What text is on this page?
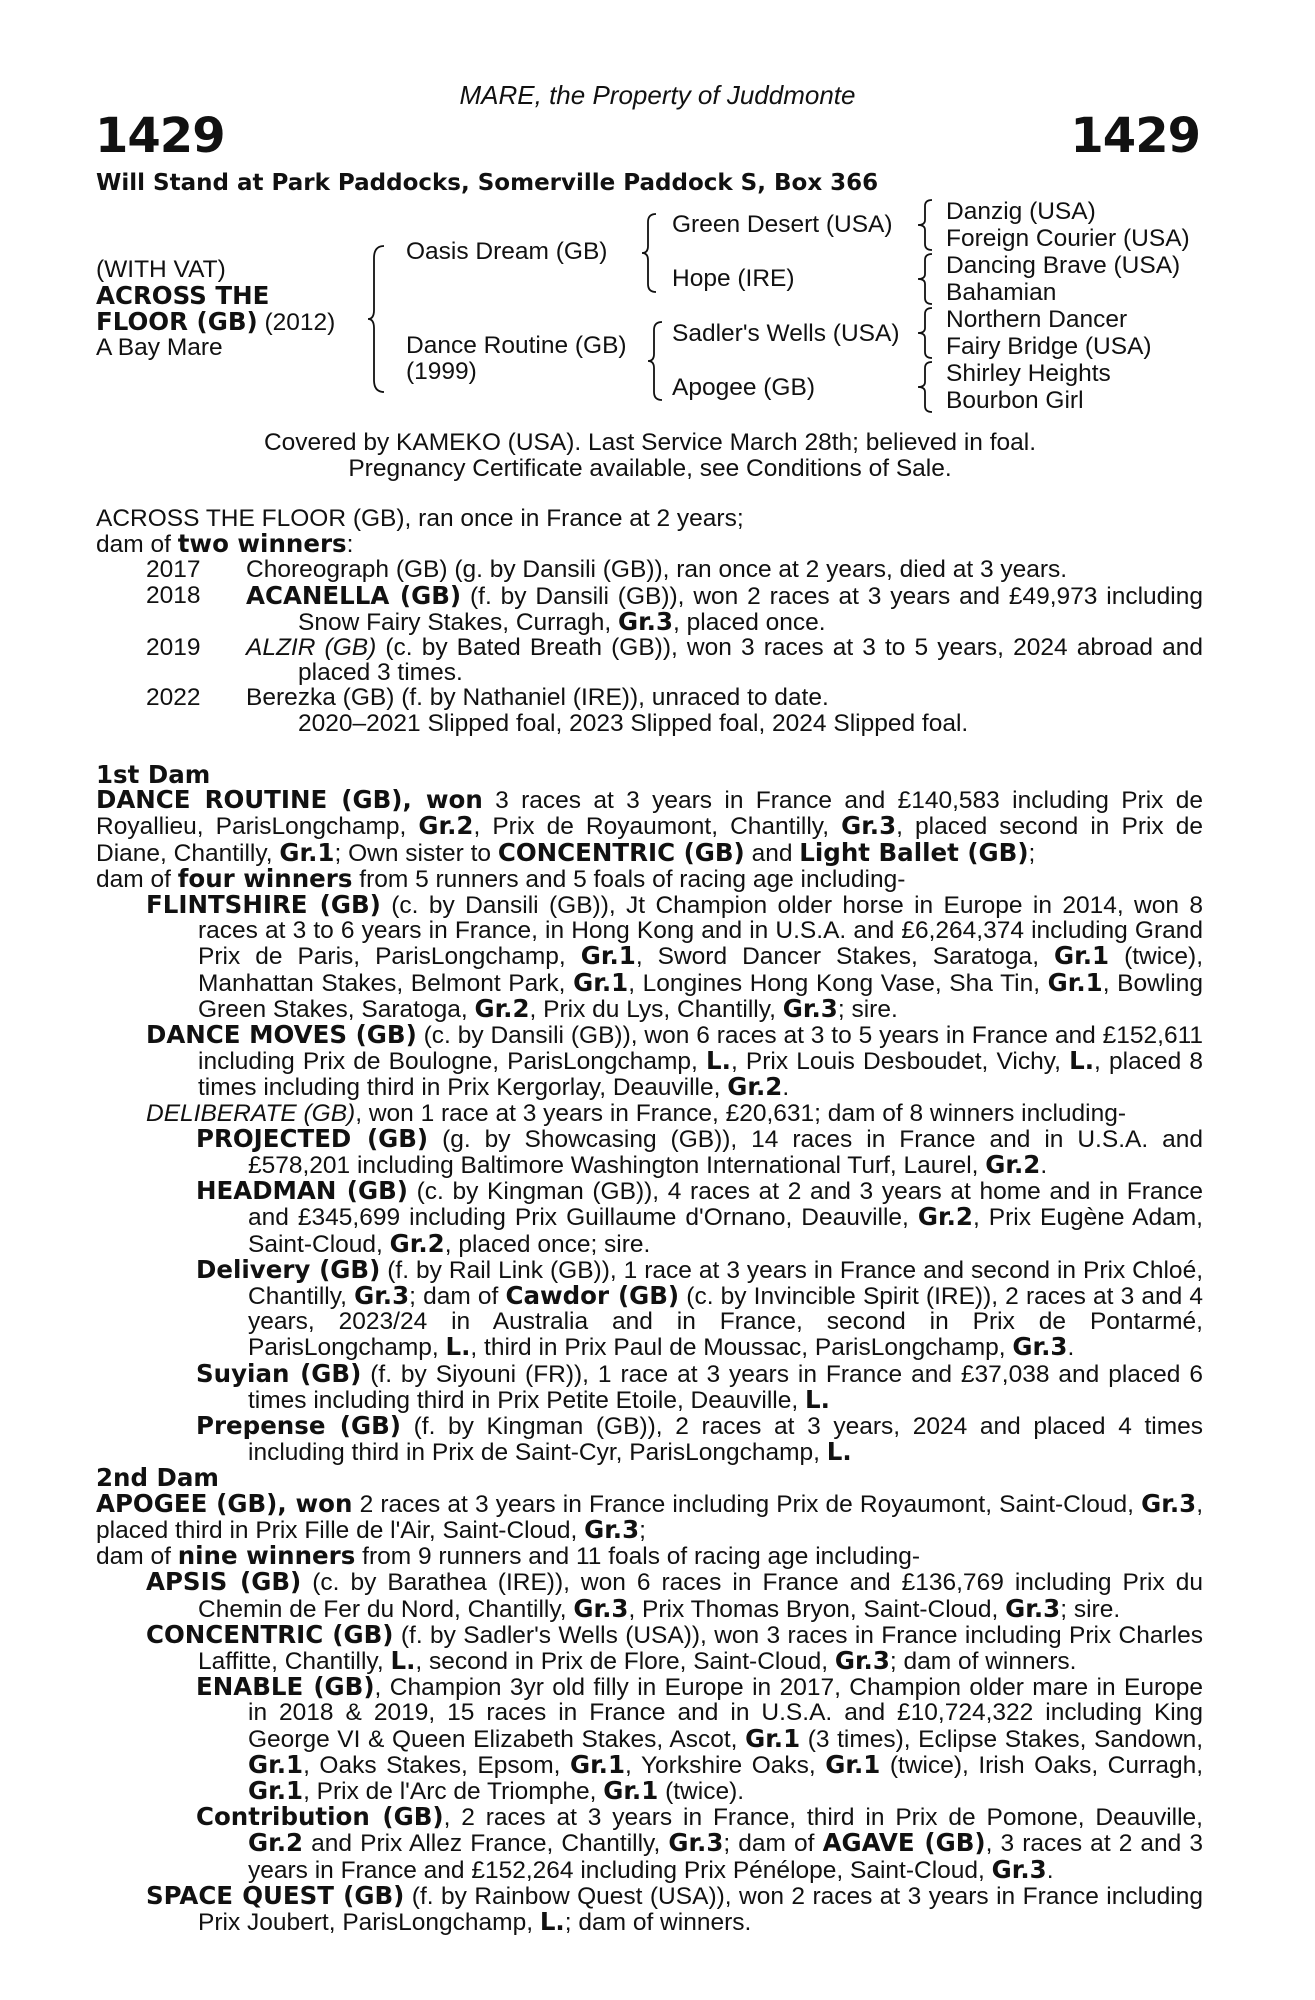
MARE, the Property of Juddmonte
1429	1429
Will Stand at Park Paddocks, Somerville Paddock S, Box 366
(WITH VAT)
ACROSS THE
FLOOR (GB) (2012)
A Bay Mare
Oasis Dream (GB)
Dance Routine (GB)
(1999)
Green Desert (USA)
Hope (IRE)
Sadler's Wells (USA)
Apogee (GB)
Danzig (USA)
Foreign Courier (USA)
Dancing Brave (USA)
Bahamian
Northern Dancer
Fairy Bridge (USA)
Shirley Heights
Bourbon Girl
Covered by KAMEKO (USA). Last Service March 28th; believed in foal.
Pregnancy Certificate available, see Conditions of Sale.
ACROSS THE FLOOR (GB), ran once in France at 2 years;
dam of two winners:
2017	Choreograph (GB) (g. by Dansili (GB)), ran once at 2 years, died at 3 years.
2018	ACANELLA (GB) (f. by Dansili (GB)), won 2 races at 3 years and £49,973 including Snow Fairy Stakes, Curragh, Gr.3, placed once.
2019	ALZIR (GB) (c. by Bated Breath (GB)), won 3 races at 3 to 5 years, 2024 abroad and placed 3 times.
2022	Berezka (GB) (f. by Nathaniel (IRE)), unraced to date.
2020–2021 Slipped foal, 2023 Slipped foal, 2024 Slipped foal.

1st Dam

DANCE ROUTINE (GB), won 3 races at 3 years in France and £140,583 including Prix de Royallieu, ParisLongchamp, Gr.2, Prix de Royaumont, Chantilly, Gr.3, placed second in Prix de Diane, Chantilly, Gr.1; Own sister to CONCENTRIC (GB) and Light Ballet (GB);

dam of four winners from 5 runners and 5 foals of racing age including-

FLINTSHIRE (GB) (c. by Dansili (GB)), Jt Champion older horse in Europe in 2014, won 8 races at 3 to 6 years in France, in Hong Kong and in U.S.A. and £6,264,374 including Grand Prix de Paris, ParisLongchamp, Gr.1, Sword Dancer Stakes, Saratoga, Gr.1 (twice), Manhattan Stakes, Belmont Park, Gr.1, Longines Hong Kong Vase, Sha Tin, Gr.1, Bowling Green Stakes, Saratoga, Gr.2, Prix du Lys, Chantilly, Gr.3; sire.

DANCE MOVES (GB) (c. by Dansili (GB)), won 6 races at 3 to 5 years in France and £152,611 including Prix de Boulogne, ParisLongchamp, L., Prix Louis Desboudet, Vichy, L., placed 8 times including third in Prix Kergorlay, Deauville, Gr.2.

DELIBERATE (GB), won 1 race at 3 years in France, £20,631; dam of 8 winners including-

PROJECTED (GB) (g. by Showcasing (GB)), 14 races in France and in U.S.A. and £578,201 including Baltimore Washington International Turf, Laurel, Gr.2.

HEADMAN (GB) (c. by Kingman (GB)), 4 races at 2 and 3 years at home and in France and £345,699 including Prix Guillaume d'Ornano, Deauville, Gr.2, Prix Eugène Adam, Saint-Cloud, Gr.2, placed once; sire.

Delivery (GB) (f. by Rail Link (GB)), 1 race at 3 years in France and second in Prix Chloé, Chantilly, Gr.3; dam of Cawdor (GB) (c. by Invincible Spirit (IRE)), 2 races at 3 and 4 years, 2023/24 in Australia and in France, second in Prix de Pontarmé, ParisLongchamp, L., third in Prix Paul de Moussac, ParisLongchamp, Gr.3.

Suyian (GB) (f. by Siyouni (FR)), 1 race at 3 years in France and £37,038 and placed 6 times including third in Prix Petite Etoile, Deauville, L.

Prepense (GB) (f. by Kingman (GB)), 2 races at 3 years, 2024 and placed 4 times including third in Prix de Saint-Cyr, ParisLongchamp, L.

2nd Dam

APOGEE (GB), won 2 races at 3 years in France including Prix de Royaumont, Saint-Cloud, Gr.3, placed third in Prix Fille de l'Air, Saint-Cloud, Gr.3;

dam of nine winners from 9 runners and 11 foals of racing age including-

APSIS (GB) (c. by Barathea (IRE)), won 6 races in France and £136,769 including Prix du Chemin de Fer du Nord, Chantilly, Gr.3, Prix Thomas Bryon, Saint-Cloud, Gr.3; sire.

CONCENTRIC (GB) (f. by Sadler's Wells (USA)), won 3 races in France including Prix Charles Laffitte, Chantilly, L., second in Prix de Flore, Saint-Cloud, Gr.3; dam of winners.

ENABLE (GB), Champion 3yr old filly in Europe in 2017, Champion older mare in Europe in 2018 & 2019, 15 races in France and in U.S.A. and £10,724,322 including King George VI & Queen Elizabeth Stakes, Ascot, Gr.1 (3 times), Eclipse Stakes, Sandown, Gr.1, Oaks Stakes, Epsom, Gr.1, Yorkshire Oaks, Gr.1 (twice), Irish Oaks, Curragh, Gr.1, Prix de l'Arc de Triomphe, Gr.1 (twice).

Contribution (GB), 2 races at 3 years in France, third in Prix de Pomone, Deauville, Gr.2 and Prix Allez France, Chantilly, Gr.3; dam of AGAVE (GB), 3 races at 2 and 3 years in France and £152,264 including Prix Pénélope, Saint-Cloud, Gr.3.

SPACE QUEST (GB) (f. by Rainbow Quest (USA)), won 2 races at 3 years in France including Prix Joubert, ParisLongchamp, L.; dam of winners.
